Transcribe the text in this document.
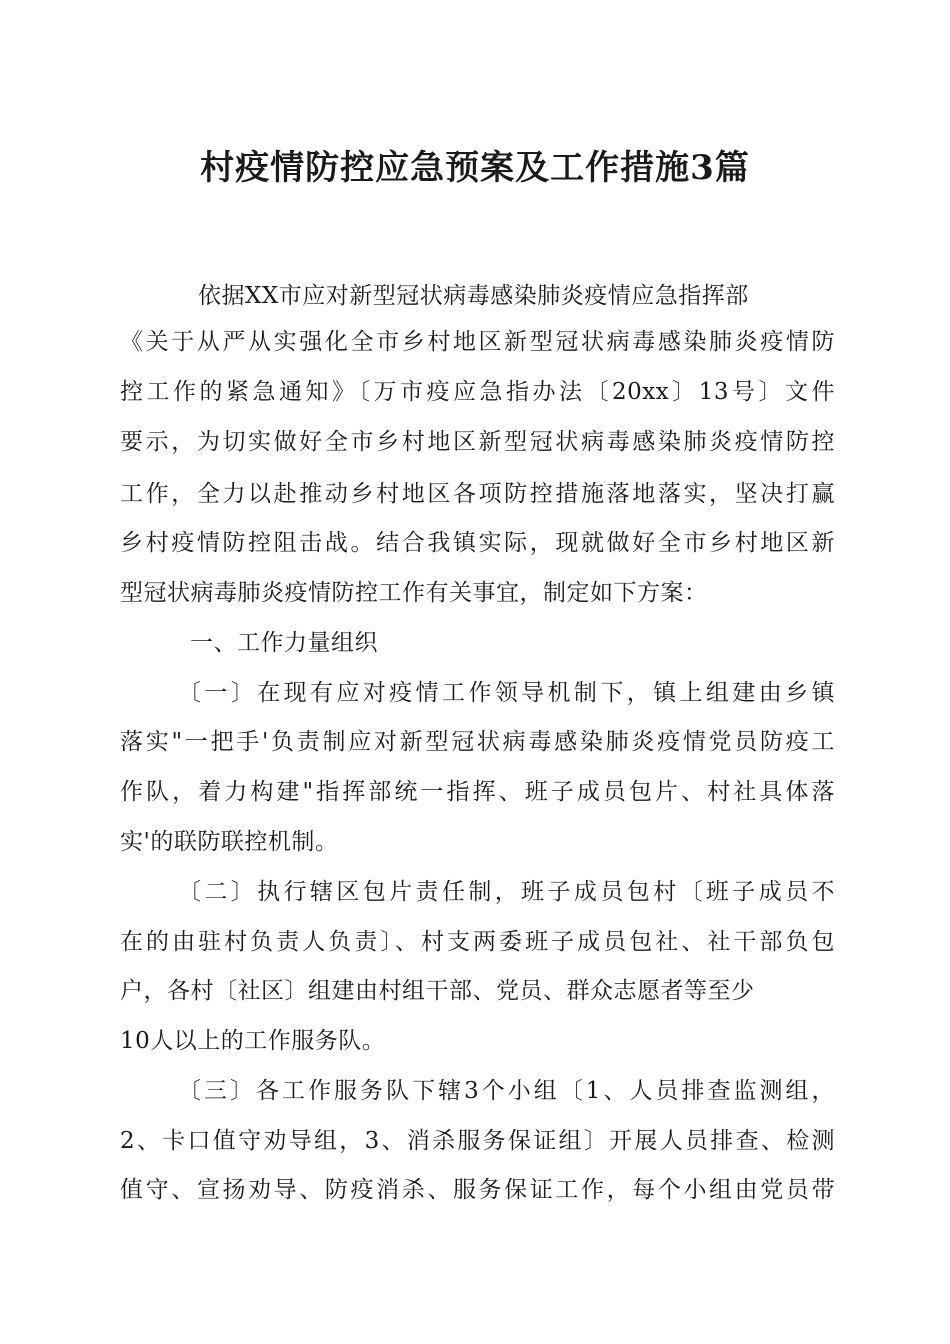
村疫情防控应急预案及工作措施3篇
依据XX市应对新型冠状病毒感染肺炎疫情应急指挥部
《关于从严从实强化全市乡村地区新型冠状病毒感染肺炎疫情防
控工作的紧急通知》〔万市疫应急指办法〔20xx〕13号〕文件
要示，为切实做好全市乡村地区新型冠状病毒感染肺炎疫情防控
工作，全力以赴推动乡村地区各项防控措施落地落实，坚决打赢
乡村疫情防控阻击战。结合我镇实际，现就做好全市乡村地区新
型冠状病毒肺炎疫情防控工作有关事宜，制定如下方案：
一、工作力量组织
〔一〕在现有应对疫情工作领导机制下，镇上组建由乡镇
落实"一把手'负责制应对新型冠状病毒感染肺炎疫情党员防疫工
作队，着力构建"指挥部统一指挥、班子成员包片、村社具体落
实'的联防联控机制。
〔二〕执行辖区包片责任制，班子成员包村〔班子成员不
在的由驻村负责人负责〕、村支两委班子成员包社、社干部负包
户，各村〔社区〕组建由村组干部、党员、群众志愿者等至少
10人以上的工作服务队。
〔三〕各工作服务队下辖3个小组〔1、人员排查监测组，
2、卡口值守劝导组，3、消杀服务保证组〕开展人员排查、检测
值守、宣扬劝导、防疫消杀、服务保证工作，每个小组由党员带
